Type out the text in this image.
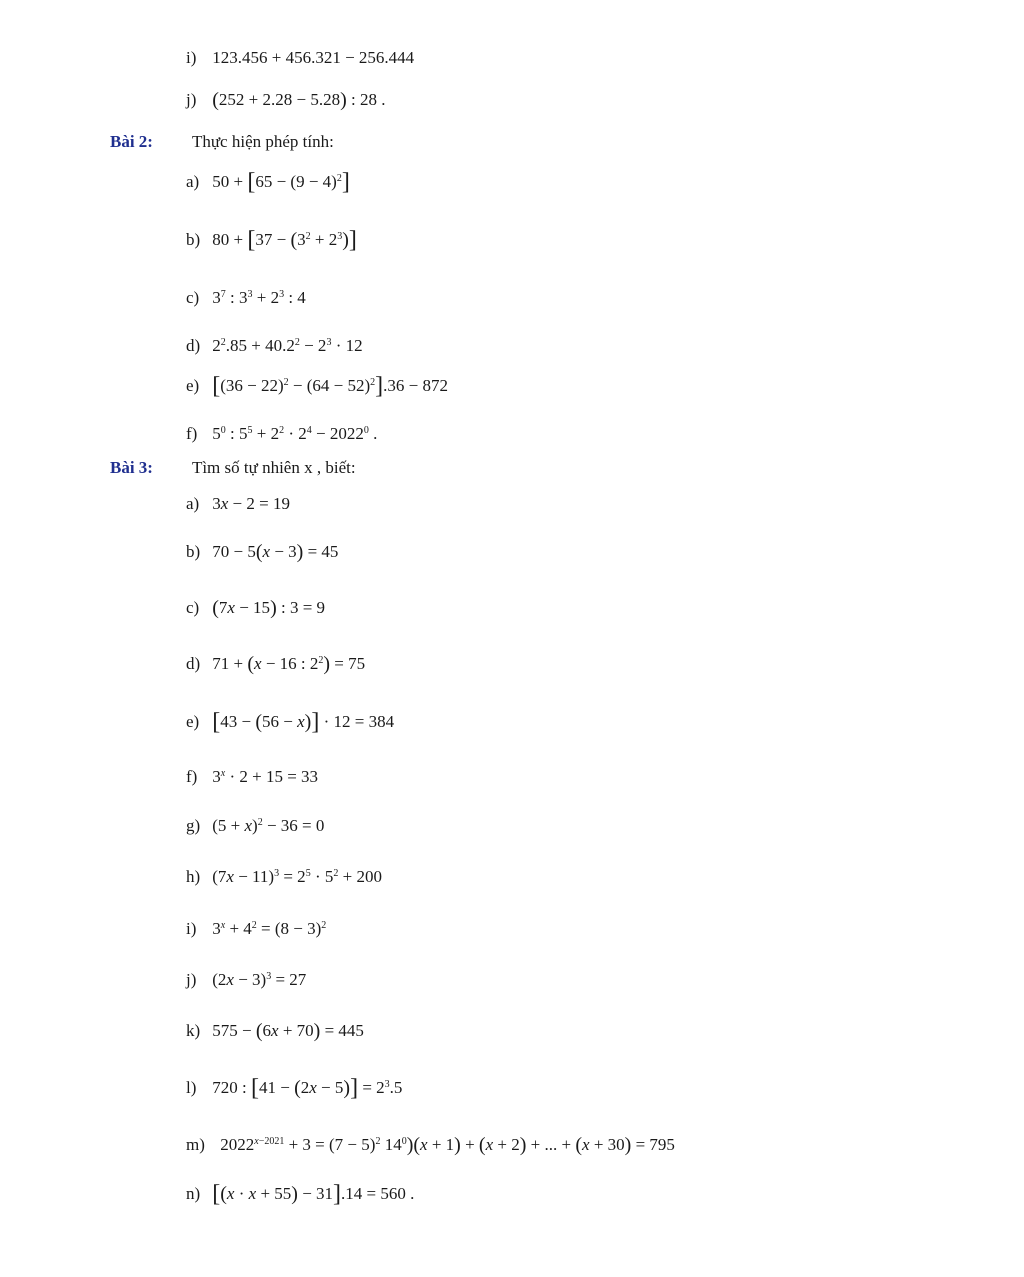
i) 123.456 + 456.321 − 256.444
j) (252 + 2.28 − 5.28) : 28 .
Bài 2: Thực hiện phép tính:
a) $50 + [65 - (9 - 4)^2]$
b) $80 + [37 - (3^2 + 2^3)]$
c) $3^7$ : $3^3 + 2^3$ : 4
d) $2^2.85 + 40.2^2 - 2^3 \cdot 12$
e) $[(36 - 22)^2 - (64 - 52)^2].36 - 872$
f) $5^0$ : $5^5 + 2^2 \cdot 2^4 - 2022^0$ .
Bài 3: Tìm số tự nhiên x , biết:
a) 3x − 2 = 19
b) 70 − 5(x − 3) = 45
c) (7x − 15) : 3 = 9
d) 71 + (x − 16 : $2^2) = 75$
e) [43 − (56 − x)] · 12 = 384
f) $3^x \cdot 2 + 15 = 33$
g) $(5 + x)^2 - 36 = 0$
h) $(7x - 11)^3 = 2^5 \cdot 5^2 + 200$
i) $3^x + 4^2 = (8 - 3)^2$
j) $(2x - 3)^3 = 27$
k) 575 − (6x + 70) = 445
l) 720 : $[41 - (2x - 5)] = 2^3.5$
m) $2022^{x-2021} + 3 = (7 - 5)^2$ $14^0)(x + 1) + (x + 2)$ + ... + (x + 30) = 795
n) [(x · x + 55) − 31].14 = 560 .
